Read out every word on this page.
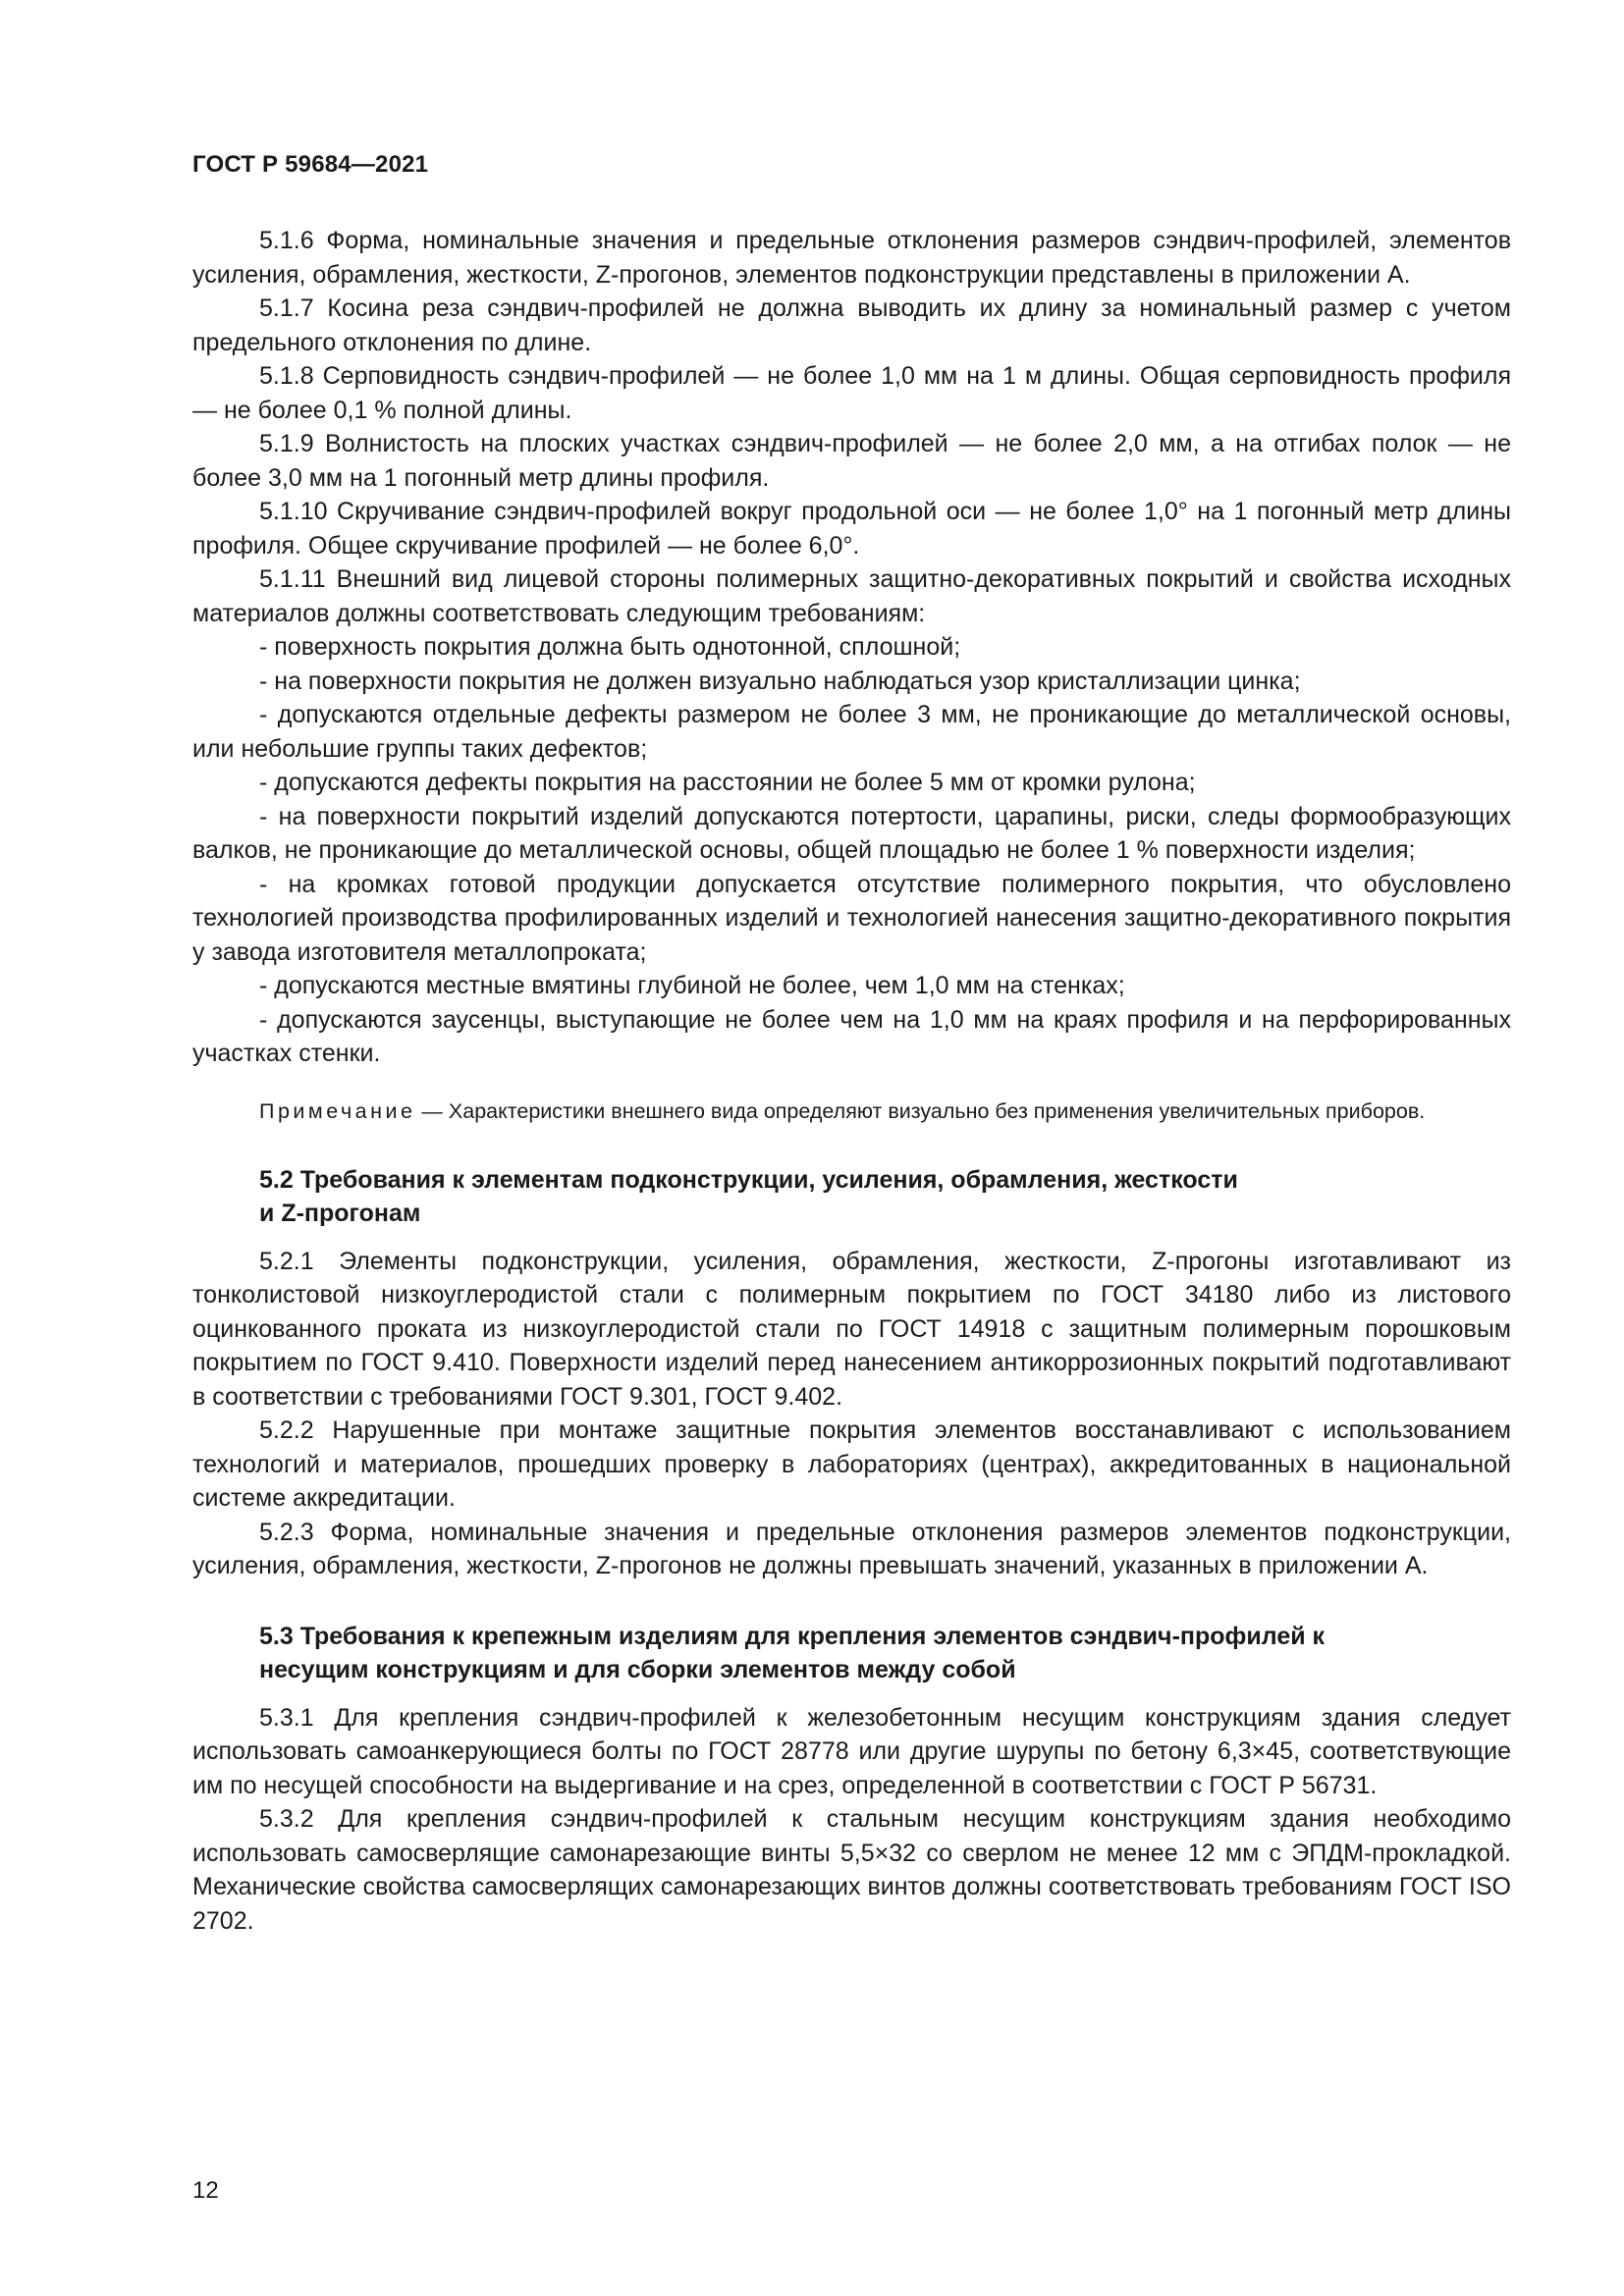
ГОСТ Р 59684—2021

5.1.6 Форма, номинальные значения и предельные отклонения размеров сэндвич-профилей, элементов усиления, обрамления, жесткости, Z-прогонов, элементов подконструкции представлены в приложении А.

5.1.7 Косина реза сэндвич-профилей не должна выводить их длину за номинальный размер с учетом предельного отклонения по длине.

5.1.8 Серповидность сэндвич-профилей — не более 1,0 мм на 1 м длины. Общая серповидность профиля — не более 0,1 % полной длины.

5.1.9 Волнистость на плоских участках сэндвич-профилей — не более 2,0 мм, а на отгибах полок — не более 3,0 мм на 1 погонный метр длины профиля.

5.1.10 Скручивание сэндвич-профилей вокруг продольной оси — не более 1,0° на 1 погонный метр длины профиля. Общее скручивание профилей — не более 6,0°.

5.1.11 Внешний вид лицевой стороны полимерных защитно-декоративных покрытий и свойства исходных материалов должны соответствовать следующим требованиям:

- поверхность покрытия должна быть однотонной, сплошной;

- на поверхности покрытия не должен визуально наблюдаться узор кристаллизации цинка;

- допускаются отдельные дефекты размером не более 3 мм, не проникающие до металлической основы, или небольшие группы таких дефектов;

- допускаются дефекты покрытия на расстоянии не более 5 мм от кромки рулона;

- на поверхности покрытий изделий допускаются потертости, царапины, риски, следы формообразующих валков, не проникающие до металлической основы, общей площадью не более 1 % поверхности изделия;

- на кромках готовой продукции допускается отсутствие полимерного покрытия, что обусловлено технологией производства профилированных изделий и технологией нанесения защитно-декоративного покрытия у завода изготовителя металлопроката;

- допускаются местные вмятины глубиной не более, чем 1,0 мм на стенках;

- допускаются заусенцы, выступающие не более чем на 1,0 мм на краях профиля и на перфорированных участках стенки.

Примечание — Характеристики внешнего вида определяют визуально без применения увеличительных приборов.

5.2 Требования к элементам подконструкции, усиления, обрамления, жесткости
и Z-прогонам

5.2.1 Элементы подконструкции, усиления, обрамления, жесткости, Z-прогоны изготавливают из тонколистовой низкоуглеродистой стали с полимерным покрытием по ГОСТ 34180 либо из листового оцинкованного проката из низкоуглеродистой стали по ГОСТ 14918 с защитным полимерным порошковым покрытием по ГОСТ 9.410. Поверхности изделий перед нанесением антикоррозионных покрытий подготавливают в соответствии с требованиями ГОСТ 9.301, ГОСТ 9.402.

5.2.2 Нарушенные при монтаже защитные покрытия элементов восстанавливают с использованием технологий и материалов, прошедших проверку в лабораториях (центрах), аккредитованных в национальной системе аккредитации.

5.2.3 Форма, номинальные значения и предельные отклонения размеров элементов подконструкции, усиления, обрамления, жесткости, Z-прогонов не должны превышать значений, указанных в приложении А.

5.3 Требования к крепежным изделиям для крепления элементов сэндвич-профилей к
несущим конструкциям и для сборки элементов между собой

5.3.1 Для крепления сэндвич-профилей к железобетонным несущим конструкциям здания следует использовать самоанкерующиеся болты по ГОСТ 28778 или другие шурупы по бетону 6,3×45, соответствующие им по несущей способности на выдергивание и на срез, определенной в соответствии с ГОСТ Р 56731.

5.3.2 Для крепления сэндвич-профилей к стальным несущим конструкциям здания необходимо использовать самосверлящие самонарезающие винты 5,5×32 со сверлом не менее 12 мм с ЭПДМ-прокладкой. Механические свойства самосверлящих самонарезающих винтов должны соответствовать требованиям ГОСТ ISO 2702.

12
